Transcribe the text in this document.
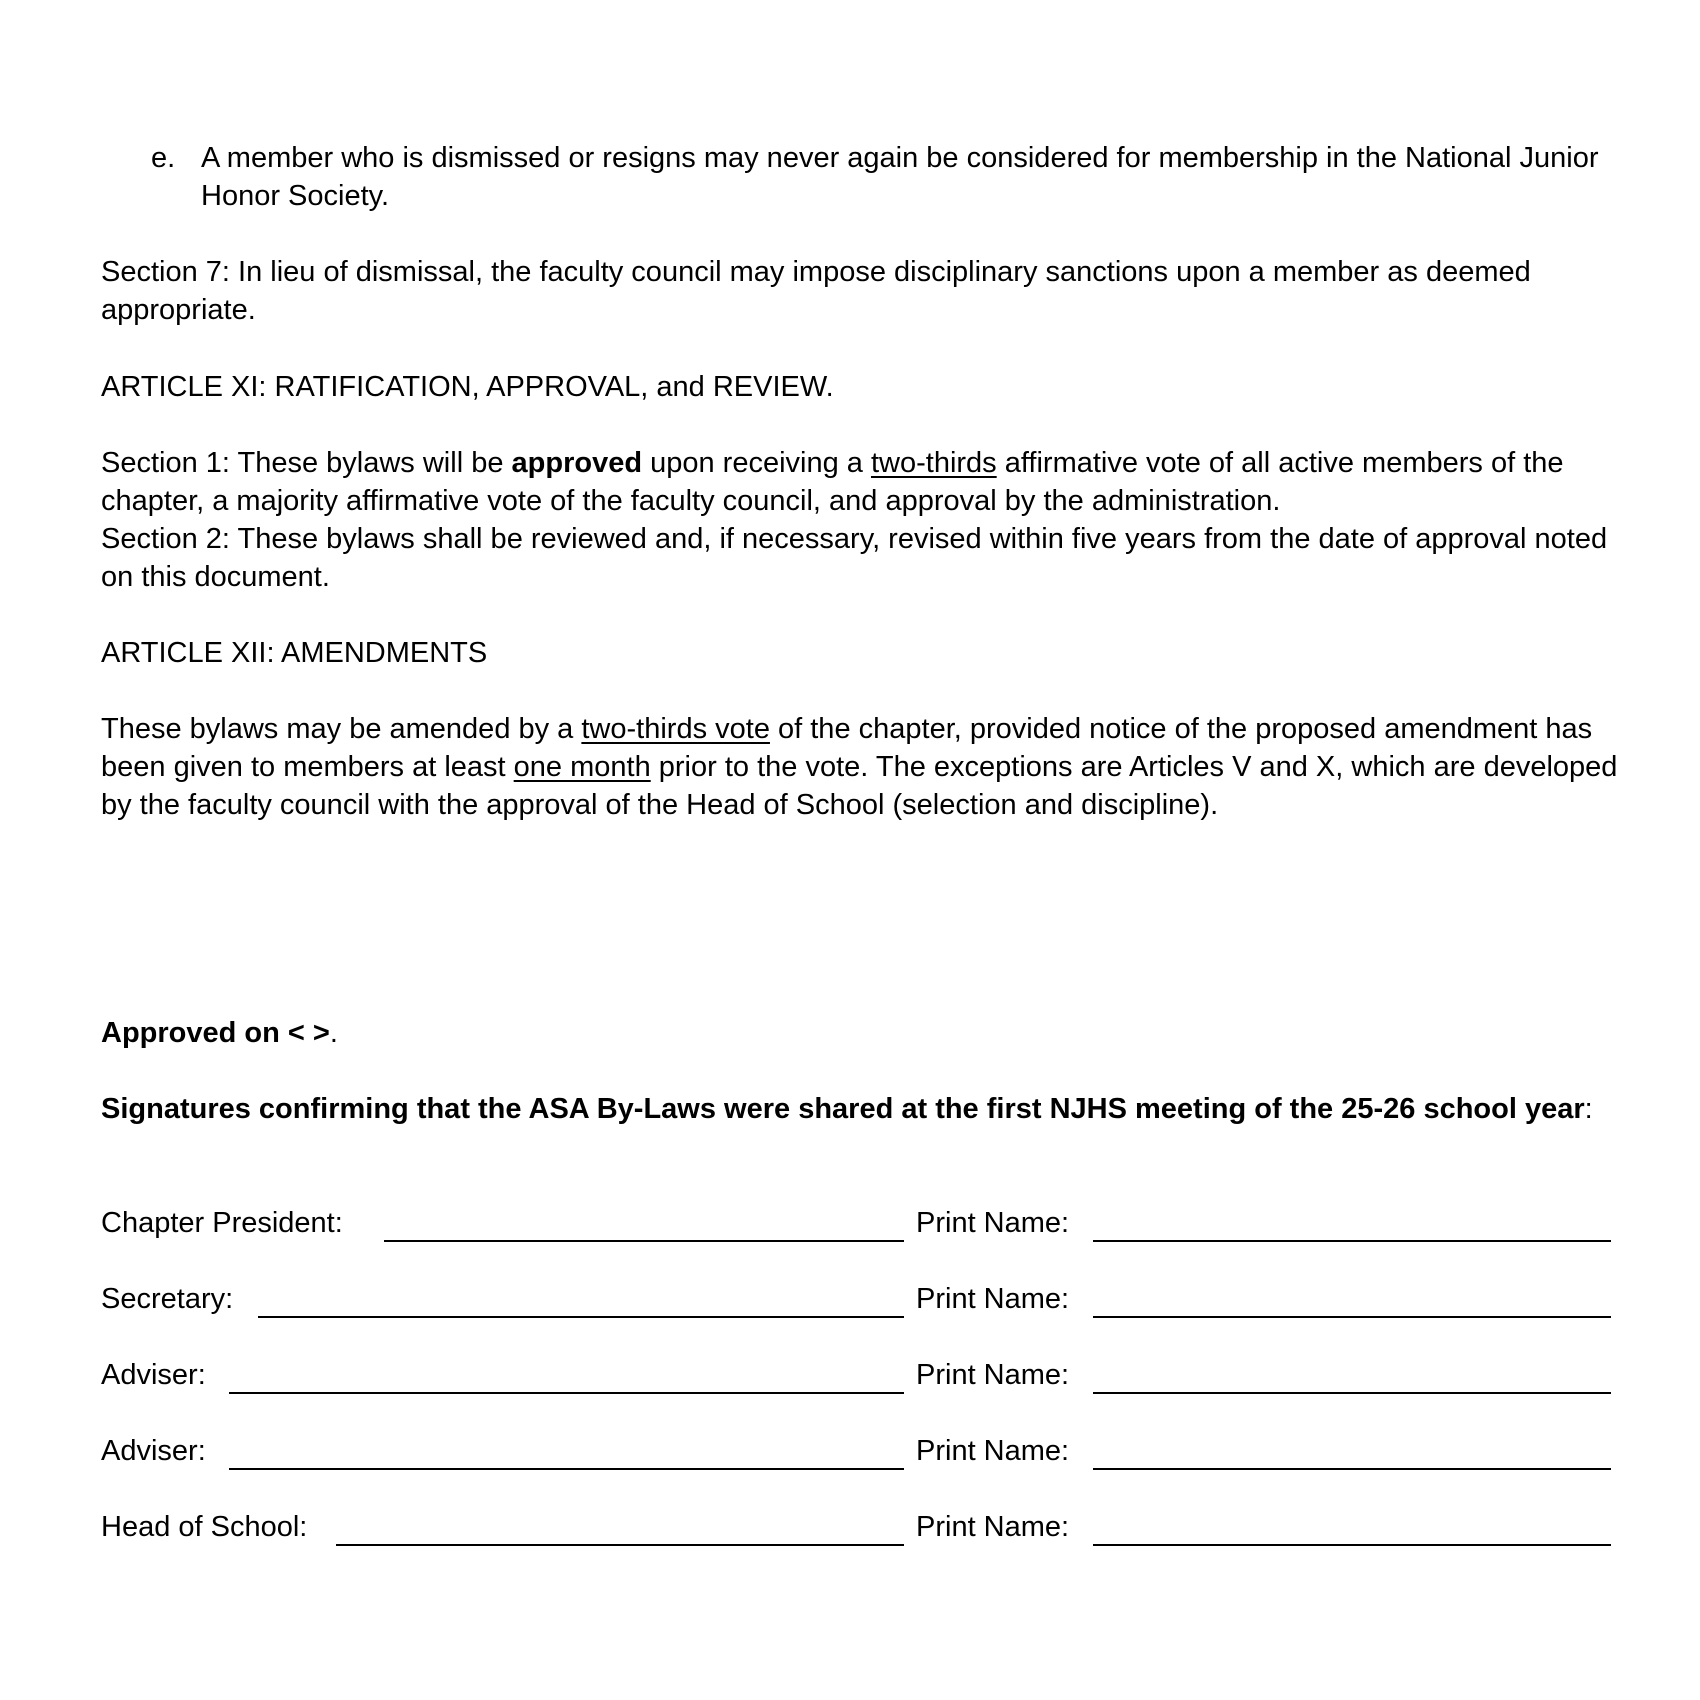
e. A member who is dismissed or resigns may never again be considered for membership in the National Junior Honor Society.

Section 7: In lieu of dismissal, the faculty council may impose disciplinary sanctions upon a member as deemed appropriate.

ARTICLE XI: RATIFICATION, APPROVAL, and REVIEW.

Section 1: These bylaws will be approved upon receiving a two-thirds affirmative vote of all active members of the chapter, a majority affirmative vote of the faculty council, and approval by the administration.

Section 2: These bylaws shall be reviewed and, if necessary, revised within five years from the date of approval noted on this document.

ARTICLE XII: AMENDMENTS

These bylaws may be amended by a two-thirds vote of the chapter, provided notice of the proposed amendment has been given to members at least one month prior to the vote. The exceptions are Articles V and X, which are developed by the faculty council with the approval of the Head of School (selection and discipline).

Approved on < >.

Signatures confirming that the ASA By-Laws were shared at the first NJHS meeting of the 25-26 school year:

Chapter President:	Print Name:
Secretary:	Print Name:
Adviser:	Print Name:
Adviser:	Print Name:
Head of School:	Print Name:
